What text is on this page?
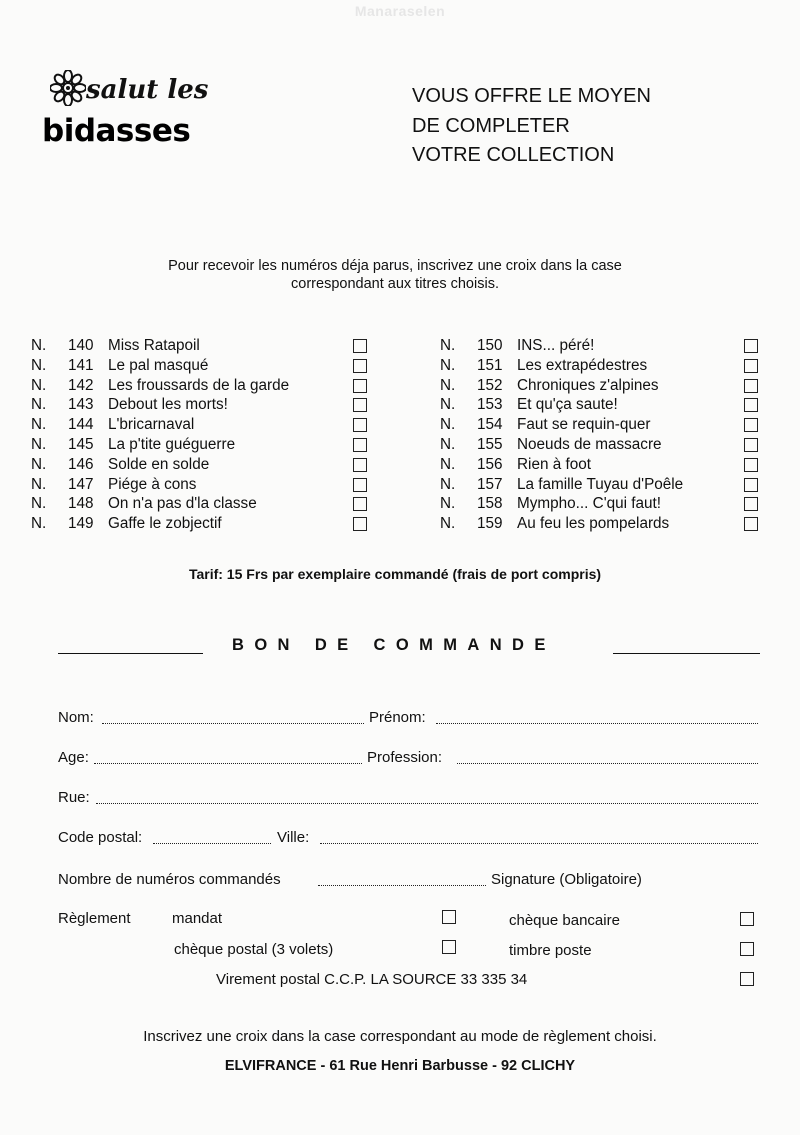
Manaraselen
salut les
bidasses
VOUS OFFRE LE MOYEN
DE COMPLETER
VOTRE COLLECTION
Pour recevoir les numéros déja parus, inscrivez une croix dans la case
correspondant aux titres choisis.
N. 140 Miss Ratapoil
N. 141 Le pal masqué
N. 142 Les froussards de la garde
N. 143 Debout les morts!
N. 144 L'bricarnaval
N. 145 La p'tite guéguerre
N. 146 Solde en solde
N. 147 Piége à cons
N. 148 On n'a pas d'la classe
N. 149 Gaffe le zobjectif
N. 150 INS... péré!
N. 151 Les extrapédestres
N. 152 Chroniques z'alpines
N. 153 Et qu'ça saute!
N. 154 Faut se requin-quer
N. 155 Noeuds de massacre
N. 156 Rien à foot
N. 157 La famille Tuyau d'Poêle
N. 158 Mympho... C'qui faut!
N. 159 Au feu les pompelards
Tarif: 15 Frs par exemplaire commandé (frais de port compris)
BON DE COMMANDE
Nom:	Prénom:
Age:	Profession:
Rue:
Code postal:	Ville:
Nombre de numéros commandés	Signature (Obligatoire)
Règlement	mandat	chèque bancaire
chèque postal (3 volets)	timbre poste
Virement postal C.C.P. LA SOURCE 33 335 34
Inscrivez une croix dans la case correspondant au mode de règlement choisi.
ELVIFRANCE - 61 Rue Henri Barbusse - 92 CLICHY
